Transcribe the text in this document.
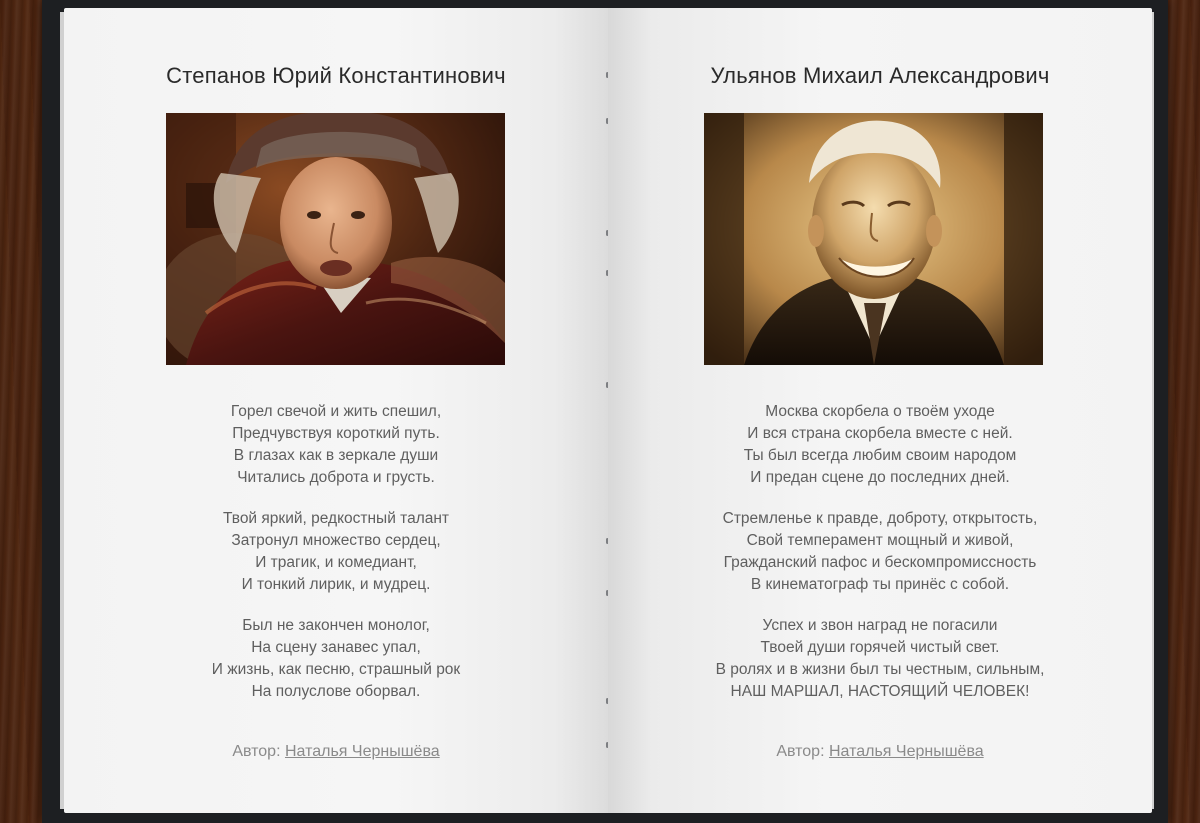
Степанов Юрий Константинович
Горел свечой и жить спешил,
Предчувствуя короткий путь.
В глазах как в зеркале души
Читались доброта и грусть.
Твой яркий, редкостный талант
Затронул множество сердец,
И трагик, и комедиант,
И тонкий лирик, и мудрец.
Был не закончен монолог,
На сцену занавес упал,
И жизнь, как песню, страшный рок
На полуслове оборвал.
Автор: Наталья Чернышёва
Ульянов Михаил Александрович
Москва скорбела о твоём уходе
И вся страна скорбела вместе с ней.
Ты был всегда любим своим народом
И предан сцене до последних дней.
Стремленье к правде, доброту, открытость,
Свой темперамент мощный и живой,
Гражданский пафос и бескомпромиссность
В кинематограф ты принёс с собой.
Успех и звон наград не погасили
Твоей души горячей чистый свет.
В ролях и в жизни был ты честным, сильным,
НАШ МАРШАЛ, НАСТОЯЩИЙ ЧЕЛОВЕК!
Автор: Наталья Чернышёва
